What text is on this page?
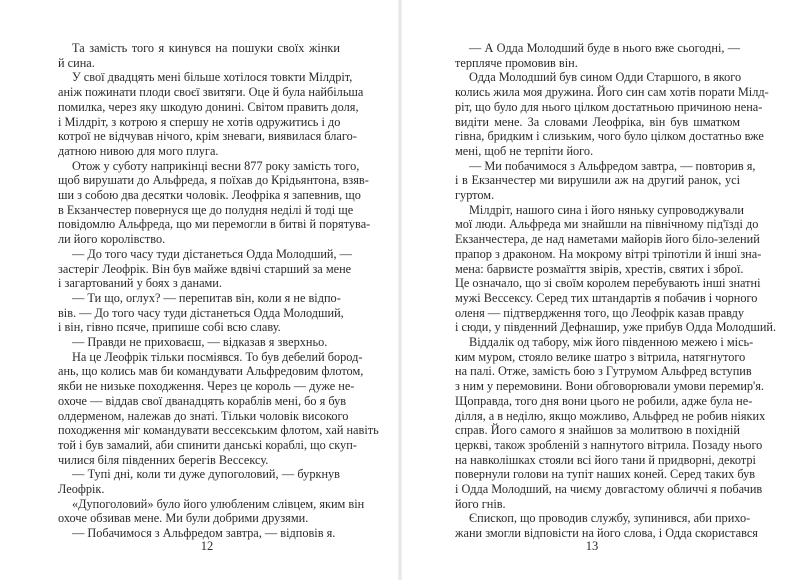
Та замість того я кинувся на пошуки своїх жінки
й сина.
У свої двадцять мені більше хотілося товкти Мілдріт,
аніж пожинати плоди своєї звитяги. Оце й була найбільша
помилка, через яку шкодую донині. Світом править доля,
і Мілдріт, з котрою я спершу не хотів одружитись і до
котрої не відчував нічого, крім зневаги, виявилася благо-
датною нивою для мого плуга.
Отож у суботу наприкінці весни 877 року замість того,
щоб вирушати до Альфреда, я поїхав до Крідьянтона, взяв-
ши з собою два десятки чоловік. Леофріка я запевнив, що
в Екзанчестер повернуся ще до полудня неділі й тоді ще
повідомлю Альфреда, що ми перемогли в битві й порятува-
ли його королівство.
— До того часу туди дістанеться Одда Молодший, —
застеріг Леофрік. Він був майже вдвічі старший за мене
і загартований у боях з данами.
— Ти що, оглух? — перепитав він, коли я не відпо-
вів. — До того часу туди дістанеться Одда Молодший,
і він, гівно псяче, припише собі всю славу.
— Правди не приховаєш, — відказав я зверхньо.
На це Леофрік тільки посміявся. То був дебелий бород-
ань, що колись мав би командувати Альфредовим флотом,
якби не низьке походження. Через це король — дуже не-
охоче — віддав свої дванадцять кораблів мені, бо я був
олдерменом, належав до знаті. Тільки чоловік високого
походження міг командувати вессекським флотом, хай навіть
той і був замалий, аби спинити данські кораблі, що скуп-
чилися біля південних берегів Вессексу.
— Тупі дні, коли ти дуже дупоголовий, — буркнув
Леофрік.
«Дупоголовий» було його улюбленим слівцем, яким він
охоче обзивав мене. Ми були добрими друзями.
— Побачимося з Альфредом завтра, — відповів я.
— А Одда Молодший буде в нього вже сьогодні, —
терпляче промовив він.
Одда Молодший був сином Одди Старшого, в якого
колись жила моя дружина. Його син сам хотів порати Мілд-
ріт, що було для нього цілком достатньою причиною нена-
видіти мене. За словами Леофріка, він був шматком
гівна, бридким і слизьким, чого було цілком достатньо вже
мені, щоб не терпіти його.
— Ми побачимося з Альфредом завтра, — повторив я,
і в Екзанчестер ми вирушили аж на другий ранок, усі
гуртом.
Мілдріт, нашого сина і його няньку супроводжували
мої люди. Альфреда ми знайшли на північному під'їзді до
Екзанчестера, де над наметами майорів його біло-зелений
прапор з драконом. На мокрому вітрі тріпотіли й інші зна-
мена: барвисте розмаїття звірів, хрестів, святих і зброї.
Це означало, що зі своїм королем перебувають інші знатні
мужі Вессексу. Серед тих штандартів я побачив і чорного
оленя — підтвердження того, що Леофрік казав правду
і сюди, у південний Дефнашир, уже прибув Одда Молодший.
Віддалік од табору, між його південною межею і місь-
ким муром, стояло велике шатро з вітрила, натягнутого
на палі. Отже, замість бою з Гутрумом Альфред вступив
з ним у перемовини. Вони обговорювали умови перемир'я.
Щоправда, того дня вони цього не робили, адже була не-
ділля, а в неділю, якщо можливо, Альфред не робив ніяких
справ. Його самого я знайшов за молитвою в похідній
церкві, також зробленій з напнутого вітрила. Позаду нього
на навколішках стояли всі його тани й придворні, декотрі
повернули голови на тупіт наших коней. Серед таких був
і Одда Молодший, на чиєму довгастому обличчі я побачив
його гнів.
Єпископ, що проводив службу, зупинився, аби прихо-
жани змогли відповісти на його слова, і Одда скористався
12	13
